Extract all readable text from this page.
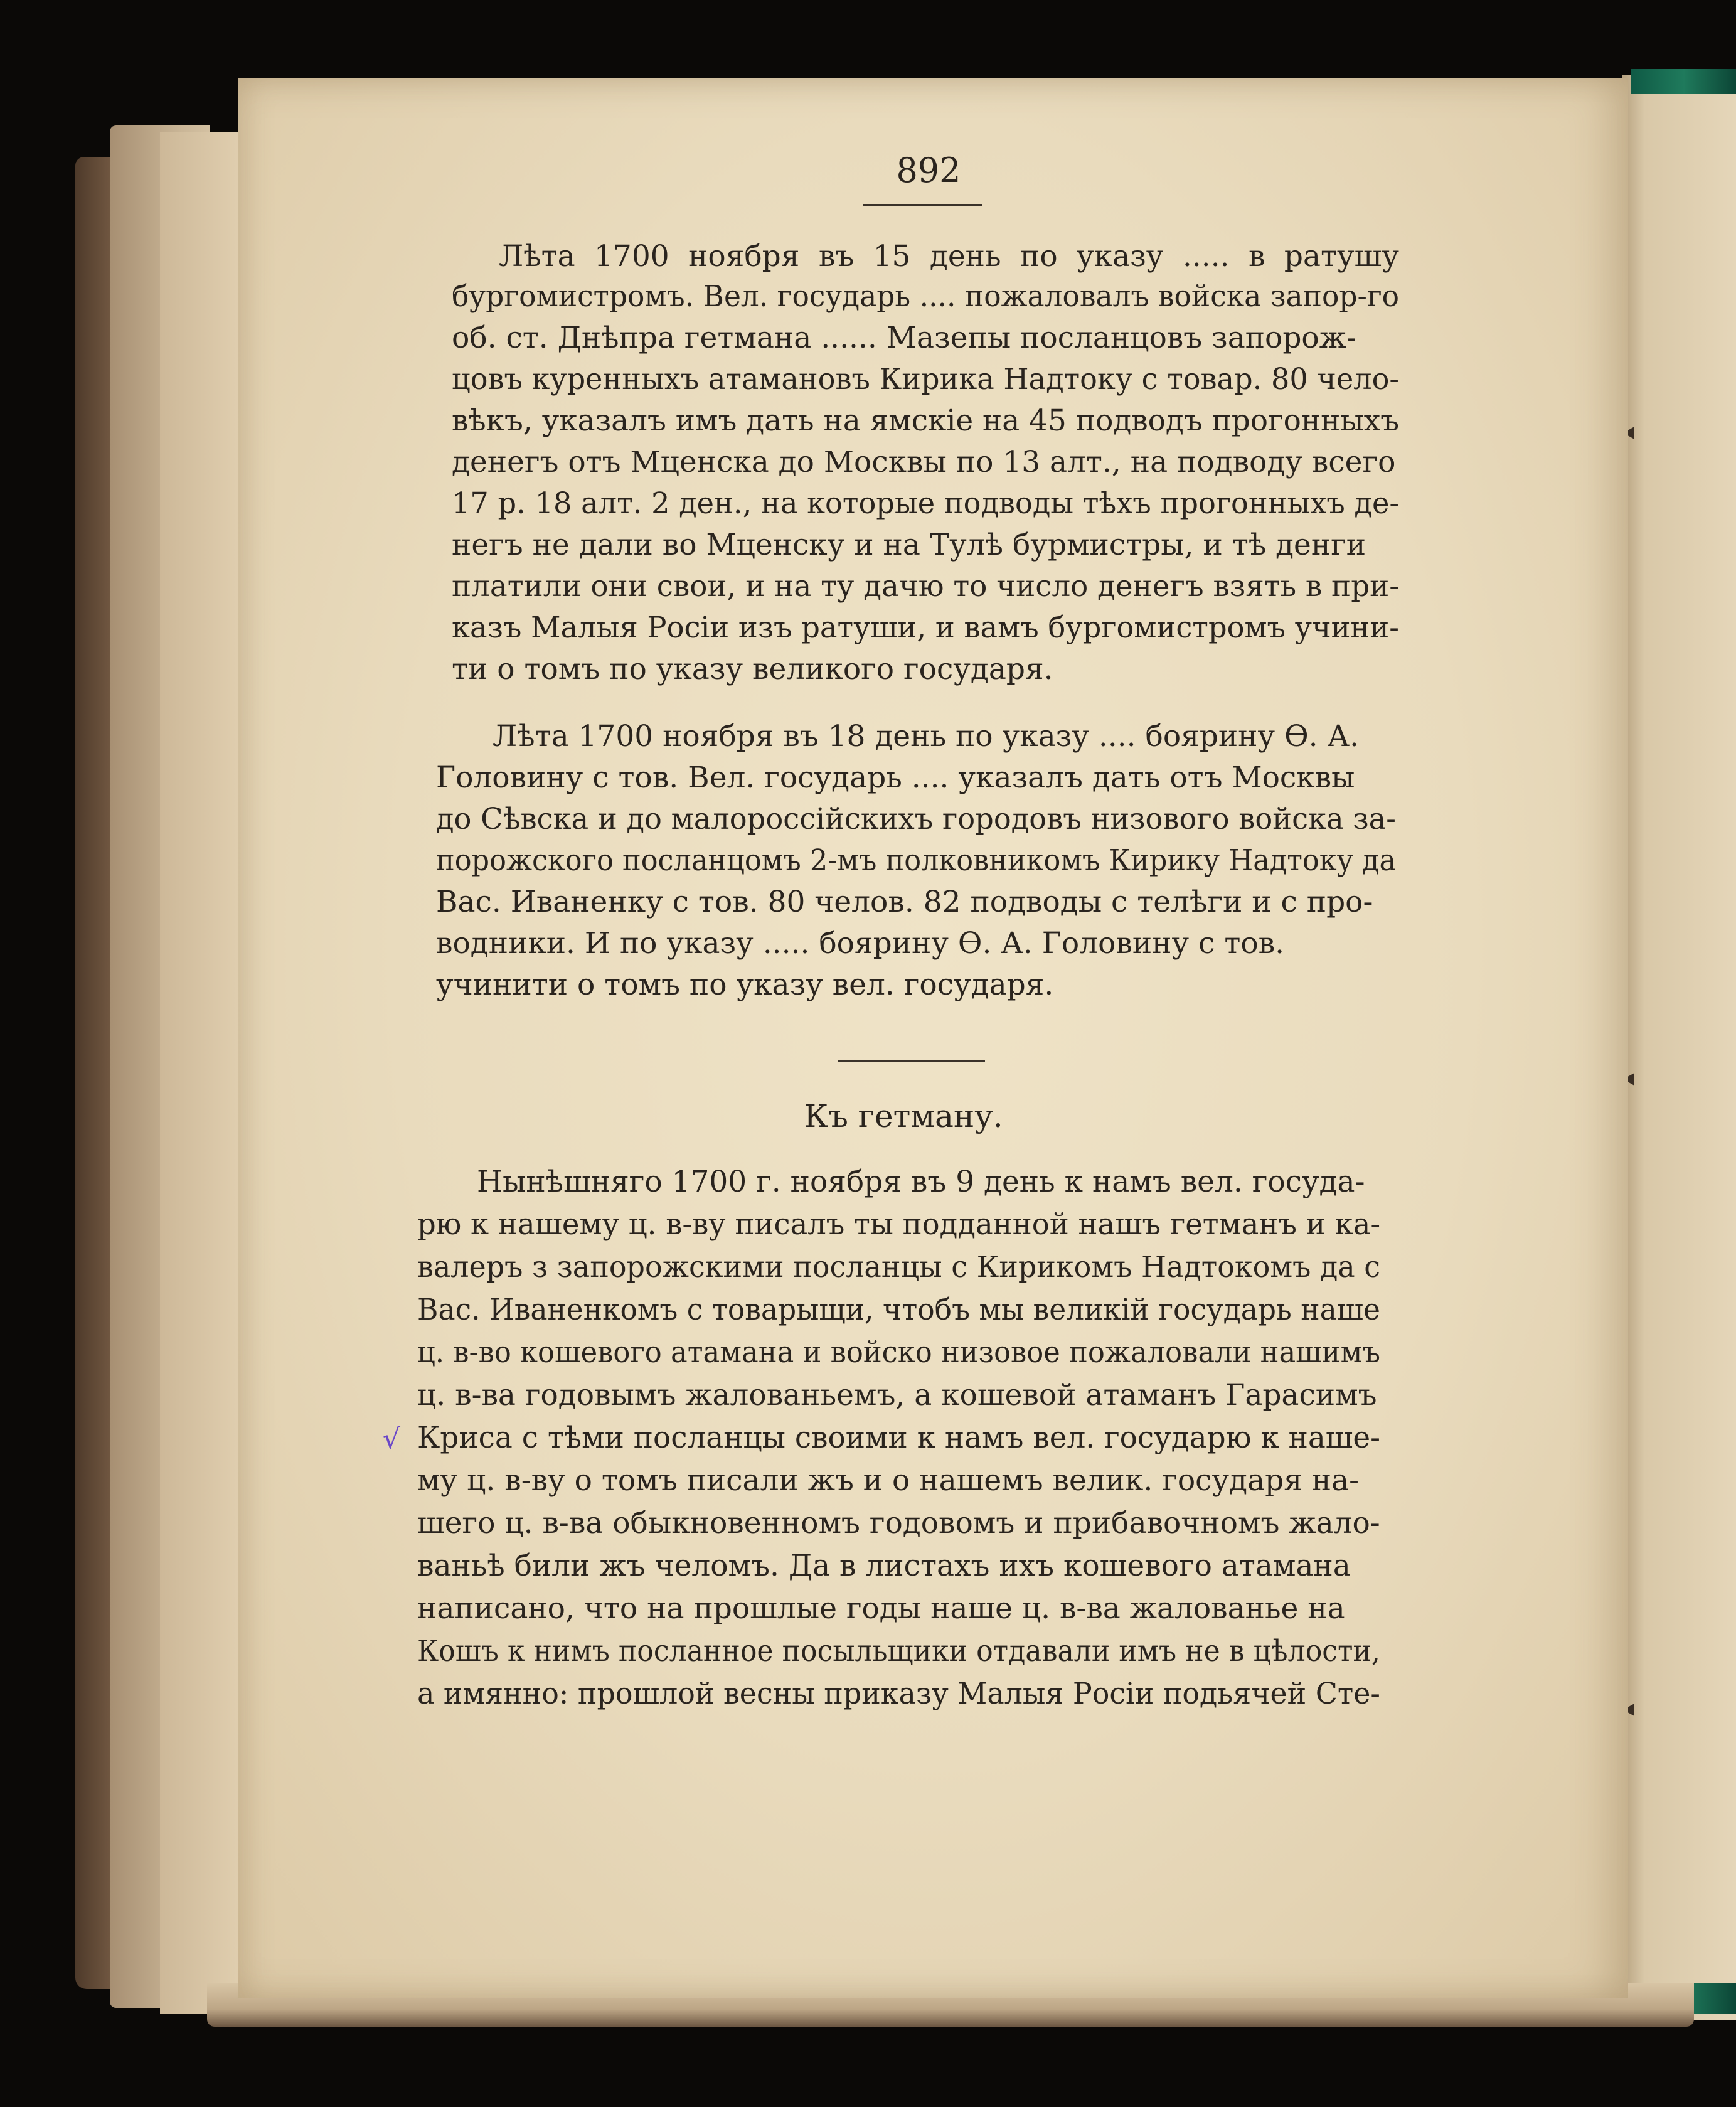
892
Лѣта 1700 ноября въ 15 день по указу ..... в ратушу
бургомистромъ. Вел. государь .... пожаловалъ войска запор-го
об. ст. Днѣпра гетмана ...... Мазепы посланцовъ запорож-
цовъ куренныхъ атамановъ Кирика Надтоку с товар. 80 чело-
вѣкъ, указалъ имъ дать на ямскіе на 45 подводъ прогонныхъ
денегъ отъ Мценска до Москвы по 13 алт., на подводу всего
17 р. 18 алт. 2 ден., на которые подводы тѣхъ прогонныхъ де-
негъ не дали во Мценску и на Тулѣ бурмистры, и тѣ денги
платили они свои, и на ту дачю то число денегъ взять в при-
казъ Малыя Росіи изъ ратуши, и вамъ бургомистромъ учини-
ти о томъ по указу великого государя.
Лѣта 1700 ноября въ 18 день по указу .... боярину Ѳ. А.
Головину с тов. Вел. государь .... указалъ дать отъ Москвы
до Сѣвска и до малороссійскихъ городовъ низового войска за-
порожского посланцомъ 2-мъ полковникомъ Кирику Надтоку да
Вас. Иваненку с тов. 80 челов. 82 подводы с телѣги и с про-
водники. И по указу ..... боярину Ѳ. А. Головину с тов.
учинити о томъ по указу вел. государя.
Къ гетману.
Нынѣшняго 1700 г. ноября въ 9 день к намъ вел. госуда-
рю к нашему ц. в-ву писалъ ты подданной нашъ гетманъ и ка-
валеръ з запорожскими посланцы с Кирикомъ Надтокомъ да с
Вас. Иваненкомъ с товарыщи, чтобъ мы великій государь наше
ц. в-во кошевого атамана и войско низовое пожаловали нашимъ
ц. в-ва годовымъ жалованьемъ, а кошевой атаманъ Гарасимъ
Криса с тѣми посланцы своими к намъ вел. государю к наше-
му ц. в-ву о томъ писали жъ и о нашемъ велик. государя на-
шего ц. в-ва обыкновенномъ годовомъ и прибавочномъ жало-
ваньѣ били жъ челомъ. Да в листахъ ихъ кошевого атамана
написано, что на прошлые годы наше ц. в-ва жалованье на
Кошъ к нимъ посланное посыльщики отдавали имъ не в цѣлости,
а имянно: прошлой весны приказу Малыя Росіи подьячей Сте-
√
